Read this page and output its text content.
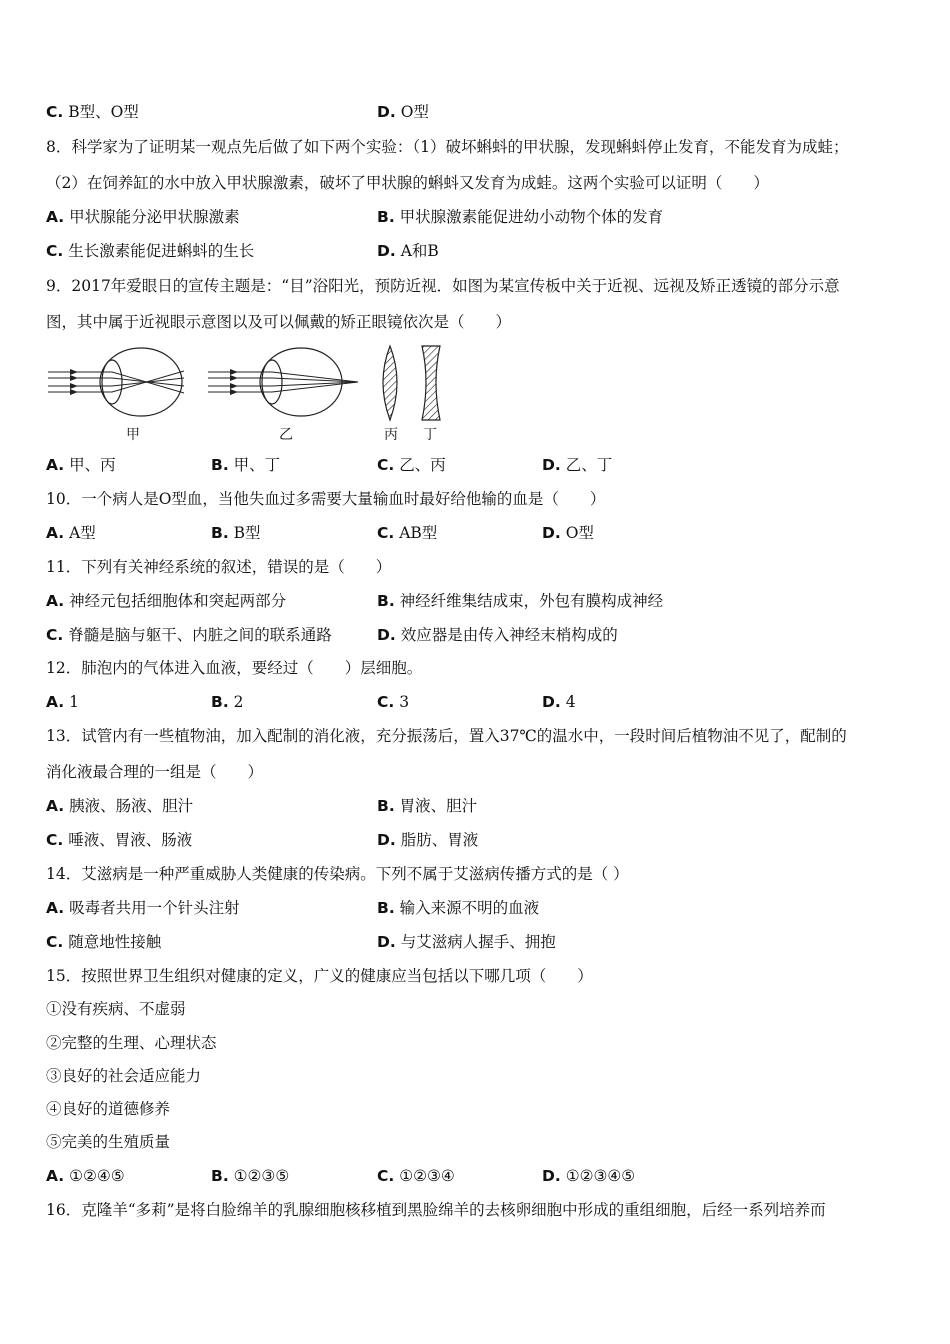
C. B型、O型	D. O型
8．科学家为了证明某一观点先后做了如下两个实验：（1）破坏蝌蚪的甲状腺，发现蝌蚪停止发育，不能发育为成蛙；
（2）在饲养缸的水中放入甲状腺激素，破坏了甲状腺的蝌蚪又发育为成蛙。这两个实验可以证明（　　）
A. 甲状腺能分泌甲状腺激素	B. 甲状腺激素能促进幼小动物个体的发育
C. 生长激素能促进蝌蚪的生长	D. A和B
9．2017年爱眼日的宣传主题是：“目”浴阳光，预防近视．如图为某宣传板中关于近视、远视及矫正透镜的部分示意
图，其中属于近视眼示意图以及可以佩戴的矫正眼镜依次是（　　）
甲	乙	丙 丁
A. 甲、丙	B. 甲、丁	C. 乙、丙	D. 乙、丁
10．一个病人是O型血，当他失血过多需要大量输血时最好给他输的血是（　　）
A. A型	B. B型	C. AB型	D. O型
11．下列有关神经系统的叙述，错误的是（　　）
A. 神经元包括细胞体和突起两部分	B. 神经纤维集结成束，外包有膜构成神经
C. 脊髓是脑与躯干、内脏之间的联系通路	D. 效应器是由传入神经末梢构成的
12．肺泡内的气体进入血液，要经过（　　）层细胞。
A. 1	B. 2	C. 3	D. 4
13．试管内有一些植物油，加入配制的消化液，充分振荡后，置入37℃的温水中，一段时间后植物油不见了，配制的
消化液最合理的一组是（　　）
A. 胰液、肠液、胆汁	B. 胃液、胆汁
C. 唾液、胃液、肠液	D. 脂肪、胃液
14．艾滋病是一种严重威胁人类健康的传染病。下列不属于艾滋病传播方式的是（ ）
A. 吸毒者共用一个针头注射	B. 输入来源不明的血液
C. 随意地性接触	D. 与艾滋病人握手、拥抱
15．按照世界卫生组织对健康的定义，广义的健康应当包括以下哪几项（　　）
①没有疾病、不虚弱
②完整的生理、心理状态
③良好的社会适应能力
④良好的道德修养
⑤完美的生殖质量
A. ①②④⑤	B. ①②③⑤	C. ①②③④	D. ①②③④⑤
16．克隆羊“多莉”是将白脸绵羊的乳腺细胞核移植到黑脸绵羊的去核卵细胞中形成的重组细胞，后经一系列培养而
